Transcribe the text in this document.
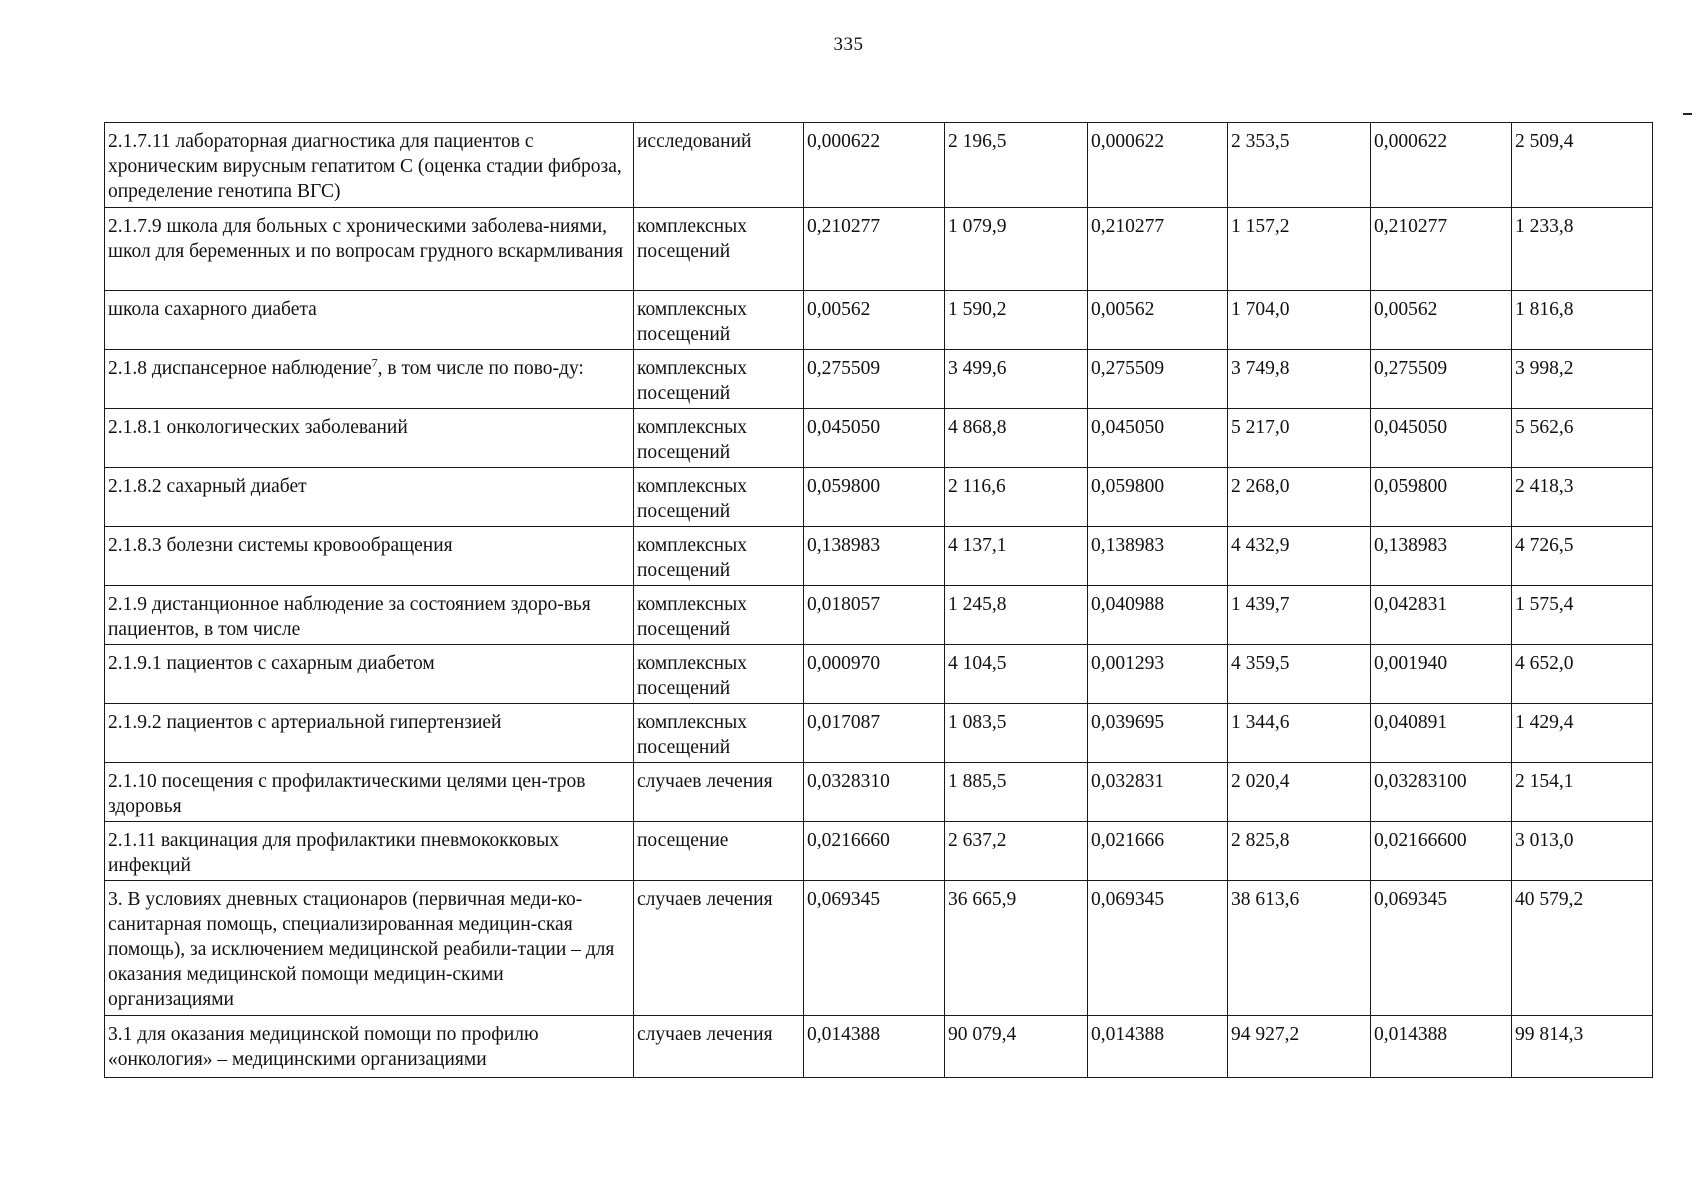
335
2.1.7.11 лабораторная диагностика для пациентов с хроническим вирусным гепатитом С (оценка стадии фиброза, определение генотипа ВГС)	исследований	0,000622	2 196,5	0,000622	2 353,5	0,000622	2 509,4
2.1.7.9 школа для больных с хроническими заболева-ниями, школ для беременных и по вопросам грудного вскармливания	комплексных посещений	0,210277	1 079,9	0,210277	1 157,2	0,210277	1 233,8
школа сахарного диабета	комплексных посещений	0,00562	1 590,2	0,00562	1 704,0	0,00562	1 816,8
2.1.8 диспансерное наблюдение$^7$, в том числе по пово-ду:	комплексных посещений	0,275509	3 499,6	0,275509	3 749,8	0,275509	3 998,2
2.1.8.1 онкологических заболеваний	комплексных посещений	0,045050	4 868,8	0,045050	5 217,0	0,045050	5 562,6
2.1.8.2 сахарный диабет	комплексных посещений	0,059800	2 116,6	0,059800	2 268,0	0,059800	2 418,3
2.1.8.3 болезни системы кровообращения	комплексных посещений	0,138983	4 137,1	0,138983	4 432,9	0,138983	4 726,5
2.1.9 дистанционное наблюдение за состоянием здоро-вья пациентов, в том числе	комплексных посещений	0,018057	1 245,8	0,040988	1 439,7	0,042831	1 575,4
2.1.9.1 пациентов с сахарным диабетом	комплексных посещений	0,000970	4 104,5	0,001293	4 359,5	0,001940	4 652,0
2.1.9.2 пациентов с артериальной гипертензией	комплексных посещений	0,017087	1 083,5	0,039695	1 344,6	0,040891	1 429,4
2.1.10 посещения с профилактическими целями цен-тров здоровья	случаев лечения	0,0328310	1 885,5	0,032831	2 020,4	0,03283100	2 154,1
2.1.11 вакцинация для профилактики пневмококковых инфекций	посещение	0,0216660	2 637,2	0,021666	2 825,8	0,02166600	3 013,0
3. В условиях дневных стационаров (первичная меди-ко-санитарная помощь, специализированная медицин-ская помощь), за исключением медицинской реабили-тации – для оказания медицинской помощи медицин-скими организациями	случаев лечения	0,069345	36 665,9	0,069345	38 613,6	0,069345	40 579,2
3.1 для оказания медицинской помощи по профилю «онкология» – медицинскими организациями	случаев лечения	0,014388	90 079,4	0,014388	94 927,2	0,014388	99 814,3
